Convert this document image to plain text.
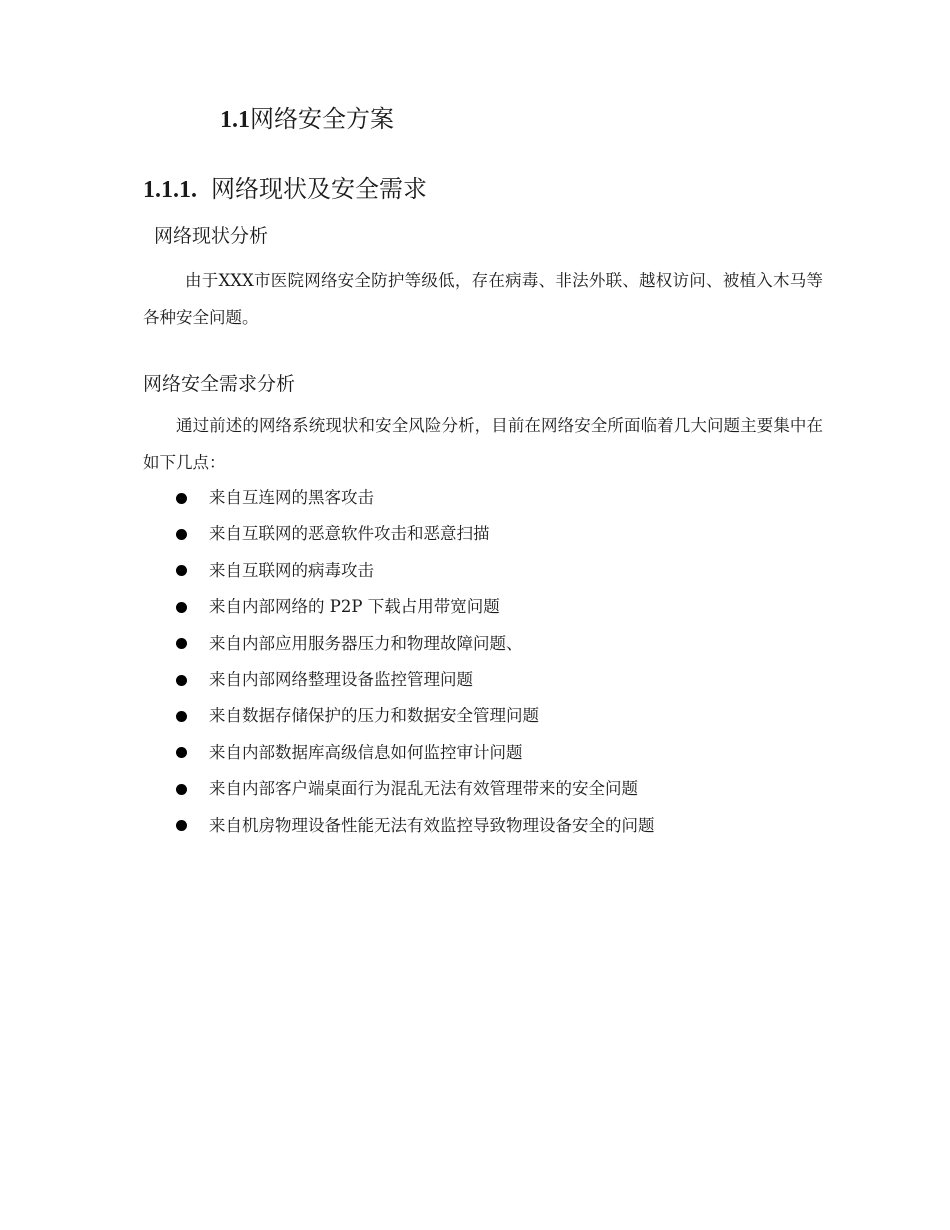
1.1网络安全方案
1.1.1. 网络现状及安全需求
网络现状分析
由于XXX市医院网络安全防护等级低，存在病毒、非法外联、越权访问、被植入木马等各种安全问题。
网络安全需求分析
通过前述的网络系统现状和安全风险分析，目前在网络安全所面临着几大问题主要集中在如下几点：
来自互连网的黑客攻击
来自互联网的恶意软件攻击和恶意扫描
来自互联网的病毒攻击
来自内部网络的 P2P 下载占用带宽问题
来自内部应用服务器压力和物理故障问题、
来自内部网络整理设备监控管理问题
来自数据存储保护的压力和数据安全管理问题
来自内部数据库高级信息如何监控审计问题
来自内部客户端桌面行为混乱无法有效管理带来的安全问题
来自机房物理设备性能无法有效监控导致物理设备安全的问题
